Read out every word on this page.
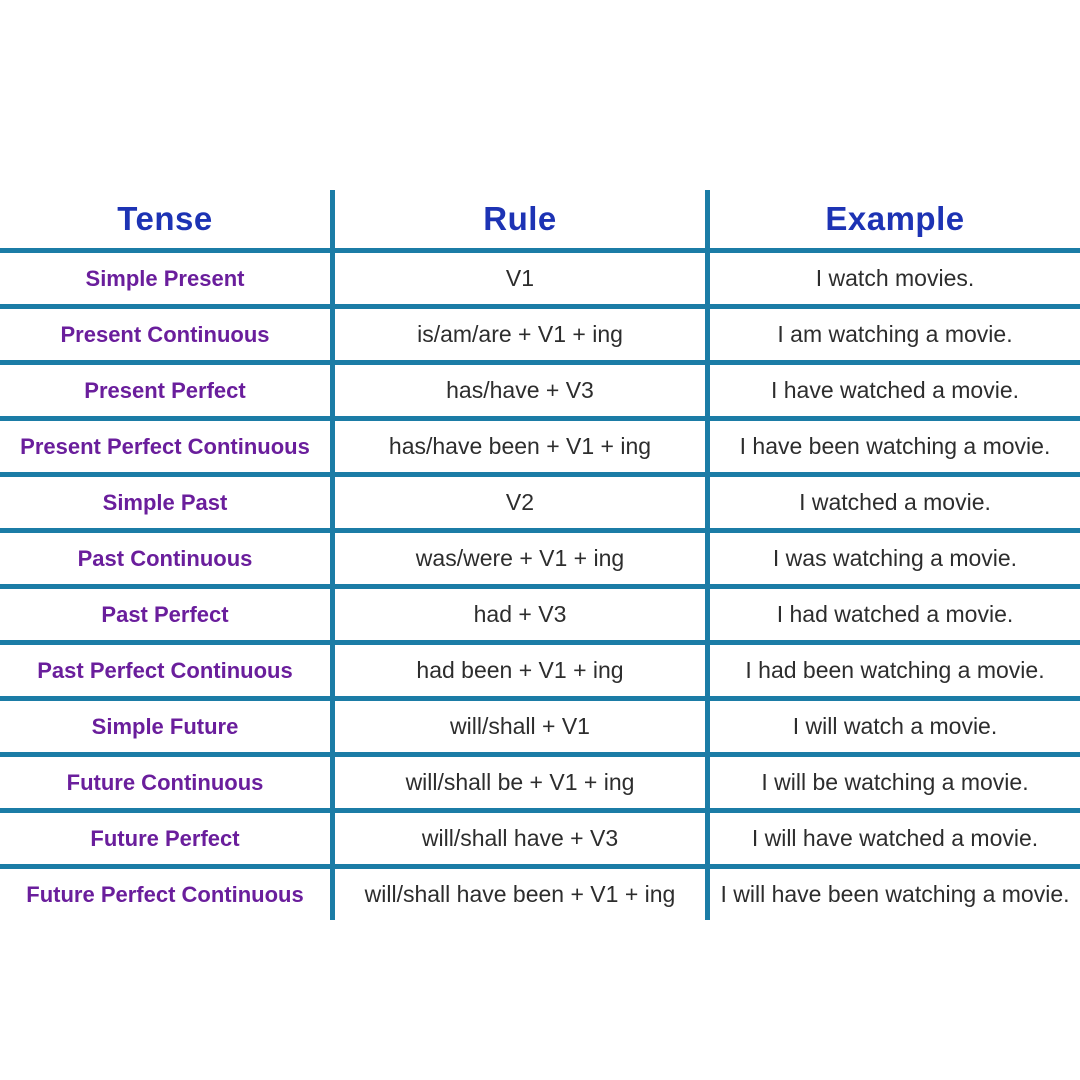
Tense	Rule	Example
Simple Present	V1	I watch movies.
Present Continuous	is/am/are + V1 + ing	I am watching a movie.
Present Perfect	has/have + V3	I have watched a movie.
Present Perfect Continuous	has/have been + V1 + ing	I have been watching a movie.
Simple Past	V2	I watched a movie.
Past Continuous	was/were + V1 + ing	I was watching a movie.
Past Perfect	had + V3	I had watched a movie.
Past Perfect Continuous	had been + V1 + ing	I had been watching a movie.
Simple Future	will/shall + V1	I will watch a movie.
Future Continuous	will/shall be + V1 + ing	I will be watching a movie.
Future Perfect	will/shall have + V3	I will have watched a movie.
Future Perfect Continuous	will/shall have been + V1 + ing	I will have been watching a movie.
